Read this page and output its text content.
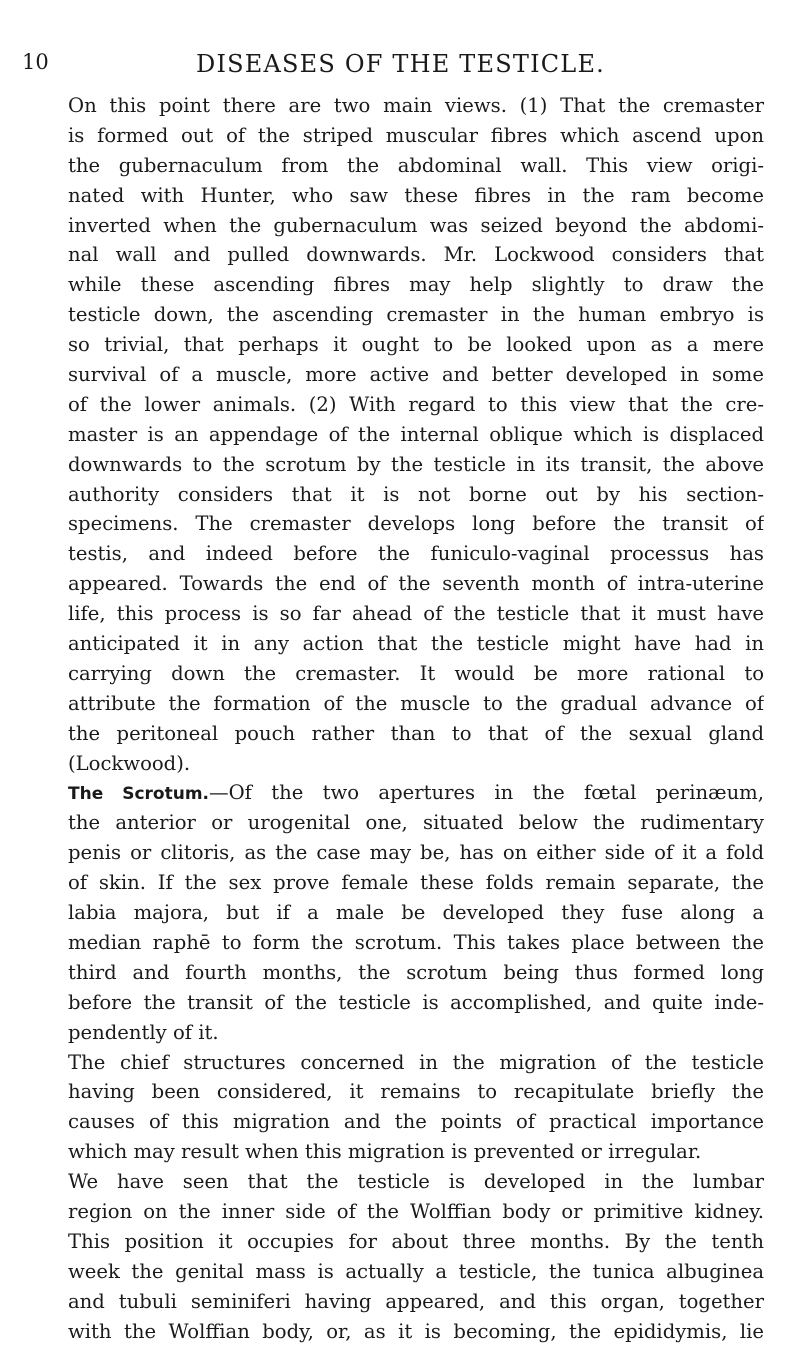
10	DISEASES OF THE TESTICLE.
On this point there are two main views. (1) That the cremaster
is formed out of the striped muscular fibres which ascend upon
the gubernaculum from the abdominal wall. This view origi-
nated with Hunter, who saw these fibres in the ram become
inverted when the gubernaculum was seized beyond the abdomi-
nal wall and pulled downwards. Mr. Lockwood considers that
while these ascending fibres may help slightly to draw the
testicle down, the ascending cremaster in the human embryo is
so trivial, that perhaps it ought to be looked upon as a mere
survival of a muscle, more active and better developed in some
of the lower animals. (2) With regard to this view that the cre-
master is an appendage of the internal oblique which is displaced
downwards to the scrotum by the testicle in its transit, the above
authority considers that it is not borne out by his section-
specimens. The cremaster develops long before the transit of
testis, and indeed before the funiculo-vaginal processus has
appeared. Towards the end of the seventh month of intra-uterine
life, this process is so far ahead of the testicle that it must have
anticipated it in any action that the testicle might have had in
carrying down the cremaster. It would be more rational to
attribute the formation of the muscle to the gradual advance of
the peritoneal pouch rather than to that of the sexual gland
(Lockwood).
The Scrotum.—Of the two apertures in the fœtal perinæum,
the anterior or urogenital one, situated below the rudimentary
penis or clitoris, as the case may be, has on either side of it a fold
of skin. If the sex prove female these folds remain separate, the
labia majora, but if a male be developed they fuse along a
median raphē to form the scrotum. This takes place between the
third and fourth months, the scrotum being thus formed long
before the transit of the testicle is accomplished, and quite inde-
pendently of it.
The chief structures concerned in the migration of the testicle
having been considered, it remains to recapitulate briefly the
causes of this migration and the points of practical importance
which may result when this migration is prevented or irregular.
We have seen that the testicle is developed in the lumbar
region on the inner side of the Wolffian body or primitive kidney.
This position it occupies for about three months. By the tenth
week the genital mass is actually a testicle, the tunica albuginea
and tubuli seminiferi having appeared, and this organ, together
with the Wolffian body, or, as it is becoming, the epididymis, lie
